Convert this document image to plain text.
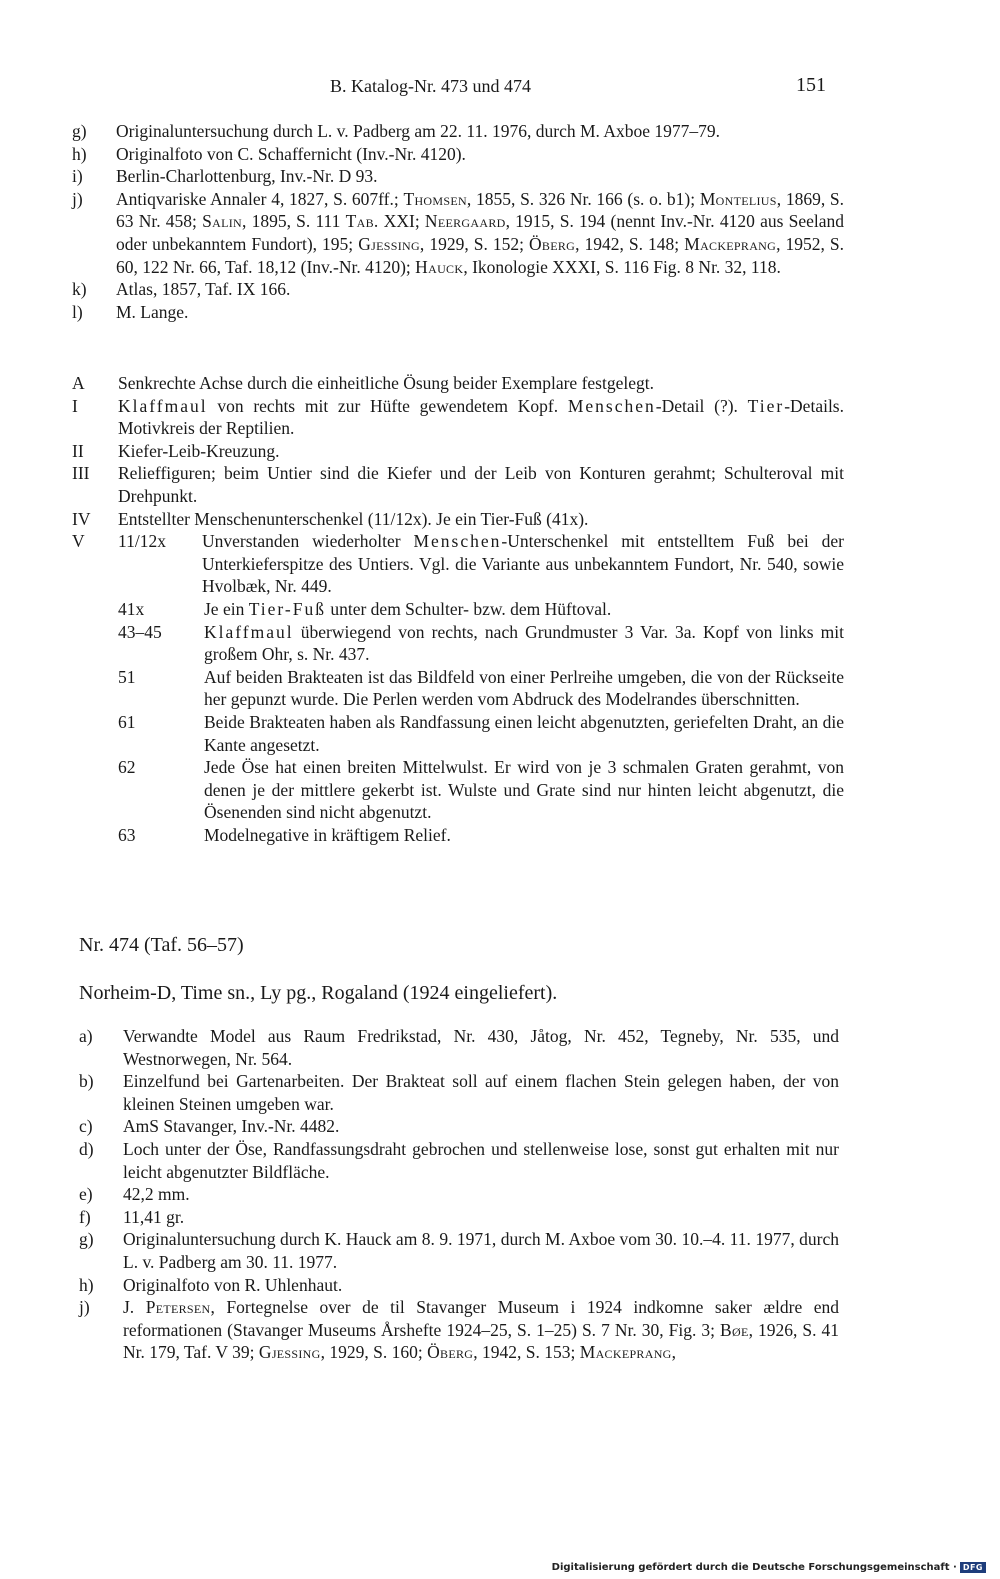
B. Katalog-Nr. 473 und 474	151
g)	Originaluntersuchung durch L. v. Padberg am 22. 11. 1976, durch M. Axboe 1977–79.
h)	Originalfoto von C. Schaffernicht (Inv.-Nr. 4120).
i)	Berlin-Charlottenburg, Inv.-Nr. D 93.
j)	Antiqvariske Annaler 4, 1827, S. 607ff.; Thomsen, 1855, S. 326 Nr. 166 (s. o. b1); Montelius, 1869, S. 63 Nr. 458; Salin, 1895, S. 111 Tab. XXI; Neergaard, 1915, S. 194 (nennt Inv.-Nr. 4120 aus Seeland oder unbekanntem Fundort), 195; Gjessing, 1929, S. 152; Öberg, 1942, S. 148; Mackeprang, 1952, S. 60, 122 Nr. 66, Taf. 18,12 (Inv.-Nr. 4120); Hauck, Ikonologie XXXI, S. 116 Fig. 8 Nr. 32, 118.
k)	Atlas, 1857, Taf. IX 166.
l)	M. Lange.
A	Senkrechte Achse durch die einheitliche Ösung beider Exemplare festgelegt.
I	Klaffmaul von rechts mit zur Hüfte gewendetem Kopf. Menschen-Detail (?). Tier-Details. Motivkreis der Reptilien.
II	Kiefer-Leib-Kreuzung.
III	Relieffiguren; beim Untier sind die Kiefer und der Leib von Konturen gerahmt; Schulteroval mit Drehpunkt.
IV	Entstellter Menschenunterschenkel (11/12x). Je ein Tier-Fuß (41x).
V	11/12x	Unverstanden wiederholter Menschen-Unterschenkel mit entstelltem Fuß bei der Unterkieferspitze des Untiers. Vgl. die Variante aus unbekanntem Fundort, Nr. 540, sowie Hvolbæk, Nr. 449.
41x	Je ein Tier-Fuß unter dem Schulter- bzw. dem Hüftoval.
43–45	Klaffmaul überwiegend von rechts, nach Grundmuster 3 Var. 3a. Kopf von links mit großem Ohr, s. Nr. 437.
51	Auf beiden Brakteaten ist das Bildfeld von einer Perlreihe umgeben, die von der Rückseite her gepunzt wurde. Die Perlen werden vom Abdruck des Modelrandes überschnitten.
61	Beide Brakteaten haben als Randfassung einen leicht abgenutzten, geriefelten Draht, an die Kante angesetzt.
62	Jede Öse hat einen breiten Mittelwulst. Er wird von je 3 schmalen Graten gerahmt, von denen je der mittlere gekerbt ist. Wulste und Grate sind nur hinten leicht abgenutzt, die Ösenenden sind nicht abgenutzt.
63	Modelnegative in kräftigem Relief.
Nr. 474 (Taf. 56–57)
Norheim-D, Time sn., Ly pg., Rogaland (1924 eingeliefert).
a)	Verwandte Model aus Raum Fredrikstad, Nr. 430, Jåtog, Nr. 452, Tegneby, Nr. 535, und Westnorwegen, Nr. 564.
b)	Einzelfund bei Gartenarbeiten. Der Brakteat soll auf einem flachen Stein gelegen haben, der von kleinen Steinen umgeben war.
c)	AmS Stavanger, Inv.-Nr. 4482.
d)	Loch unter der Öse, Randfassungsdraht gebrochen und stellenweise lose, sonst gut erhalten mit nur leicht abgenutzter Bildfläche.
e)	42,2 mm.
f)	11,41 gr.
g)	Originaluntersuchung durch K. Hauck am 8. 9. 1971, durch M. Axboe vom 30. 10.–4. 11. 1977, durch L. v. Padberg am 30. 11. 1977.
h)	Originalfoto von R. Uhlenhaut.
j)	J. Petersen, Fortegnelse over de til Stavanger Museum i 1924 indkomne saker ældre end reformationen (Stavanger Museums Årshefte 1924–25, S. 1–25) S. 7 Nr. 30, Fig. 3; Bøe, 1926, S. 41 Nr. 179, Taf. V 39; Gjessing, 1929, S. 160; Öberg, 1942, S. 153; Mackeprang,
Digitalisierung gefördert durch die Deutsche Forschungsgemeinschaft · DFG
